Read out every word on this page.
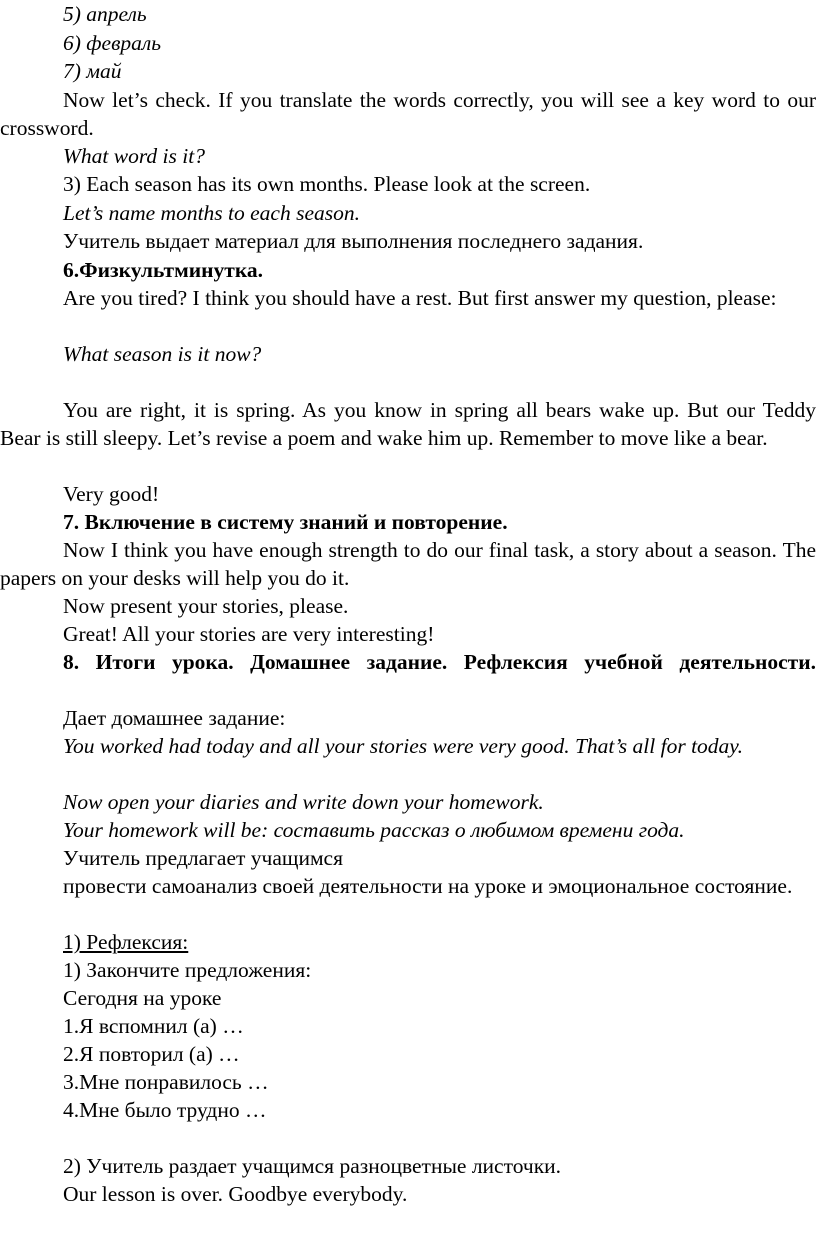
5) апрель

6) февраль

7) май

Now let’s check. If you translate the words correctly, you will see a key word to our crossword.

What word is it?

3) Each season has its own months. Please look at the screen.

Let’s name months to each season.

Учитель выдает материал для выполнения последнего задания.

6.Физкультминутка.

Are you tired? I think you should have a rest. But first answer my question, please:

What season is it now?

You are right, it is spring. As you know in spring all bears wake up. But our Teddy Bear is still sleepy. Let’s revise a poem and wake him up. Remember to move like a bear.

Very good!

7. Включение в систему знаний и повторение.

Now I think you have enough strength to do our final task, a story about a season. The papers on your desks will help you do it.

Now present your stories, please.

Great! All your stories are very interesting!

8. Итоги урока. Домашнее задание. Рефлексия учебной деятельности.

Дает домашнее задание:

You worked had today and all your stories were very good. That’s all for today.

Now open your diaries and write down your homework.

Your homework will be: составить рассказ о любимом времени года.

Учитель предлагает учащимся

провести самоанализ своей деятельности на уроке и эмоциональное состояние.

1) Рефлексия:

1) Закончите предложения:

Сегодня на уроке

1.Я вспомнил (а) …

2.Я повторил (а) …

3.Мне понравилось …

4.Мне было трудно …

2) Учитель раздает учащимся разноцветные листочки.

Our lesson is over. Goodbye everybody.
